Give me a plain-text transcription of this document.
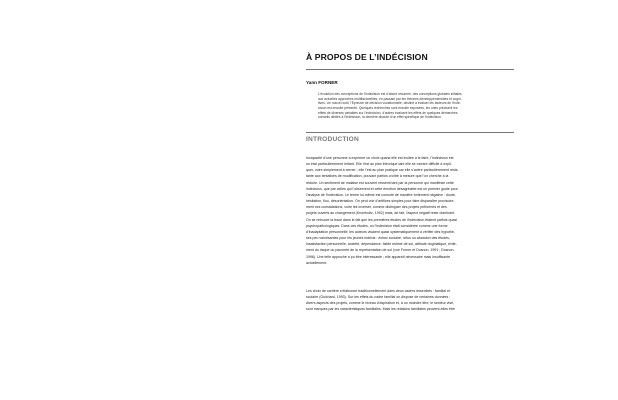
À PROPOS DE L’INDÉCISION
Yann FORNER
L’évolution des conceptions de l’indécision est d’abord résumée, des conceptions globales initiales
aux actuelles approches multifactorielles, en passant par les théories développementales et cogni-
tives. Un nouvel outil, l’Épreuve de décision vocationnelle, destiné à évaluer les facteurs de l’indé-
cision est ensuite présenté. Quelques recherches sont ensuite exposées, les unes précisent les
effets de diverses variables sur l’indécision, d’autres évaluent les effets de quelques démarches
conseils dédiés à l’indécision, la dernière discute d’un effet spécifique de l’indécision.
INTRODUCTION
Incapacité d’une personne à exprimer un choix quand elle est incitée à le faire, l’indécision est
un état particulièrement irritant. Elle l’est au plan théorique tant elle se montre difficile à expli-
quer, voire simplement à cerner ; elle l’est au plan pratique car elle s’avère particulièrement résis-
tante aux tentatives de modification, pouvant parfois croître à mesure que l’on cherche à la
réduire. Un sentiment de malaise est souvent ressenti tant par la personne qui manifeste cette
indécision, que par celles qui l’observent et cette émotion désagréable est un premier guide pour
l’analyse de l’indécision. Le terme lui-même est connoté de manière fortement négative : doute,
hésitation, flou, désorientation. On peut voir d’artifices simples pour faire disparaître provisoire-
ment ces constatations, voire les inverser, comme distinguer des projets préformés et des
projets ouverts au changement (Krumboltz, 1992) mais, de fait, l’aspect négatif reste dominant.
On se retrouve la trace dans le fait que les premières études de l’indécision étaient parfois quasi
psychopathologiques. Dans ces études, où l’indécision était considérée comme une forme
d’inadaptation personnelle, les auteurs visaient quasi systématiquement à vérifier des hypothè-
ses peu valorisantes pour les jeunes indécis : échec scolaire, refus ou abandon des études,
insatisfaction personnelle, anxiété, dépendance, faible estime de soi, attitude dogmatique, évite-
ment du risque ou pauvreté de la représentation de soi (voir Forner et Dosnon, 1991 ; Dosnon,
1996). Une telle approche a pu être intéressante ; elle apparaît nécessaire mais insuffisante
actuellement.
Les choix de carrière s’élaborent traditionnellement dans deux cadres essentiels : familial et
scolaire (Guichard, 1993). Sur les effets du cadre familial on dispose de certaines données :
divers aspects des projets, comme le niveau d’aspiration et, à un moindre titre, le secteur visé,
sont marqués par les caractéristiques familiales. Mais les relations familiales peuvent-elles être
